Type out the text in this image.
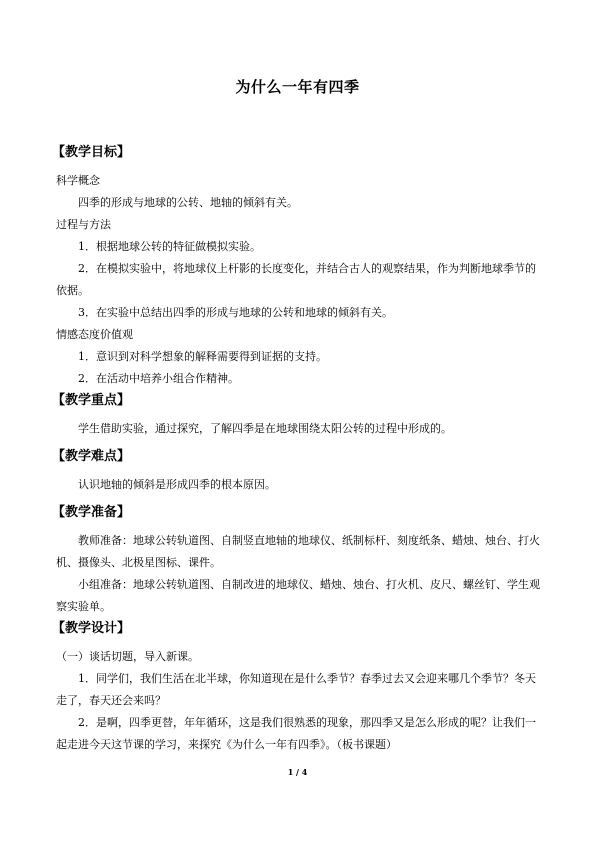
为什么一年有四季
【教学目标】
科学概念

四季的形成与地球的公转、地轴的倾斜有关。

过程与方法

1．根据地球公转的特征做模拟实验。

2．在模拟实验中，将地球仪上杆影的长度变化，并结合古人的观察结果，作为判断地球季节的依据。

3．在实验中总结出四季的形成与地球的公转和地球的倾斜有关。

情感态度价值观

1．意识到对科学想象的解释需要得到证据的支持。

2．在活动中培养小组合作精神。

【教学重点】

学生借助实验，通过探究，了解四季是在地球围绕太阳公转的过程中形成的。

【教学难点】

认识地轴的倾斜是形成四季的根本原因。

【教学准备】

教师准备：地球公转轨道图、自制竖直地轴的地球仪、纸制标杆、刻度纸条、蜡烛、烛台、打火机、摄像头、北极星图标、课件。

小组准备：地球公转轨道图、自制改进的地球仪、蜡烛、烛台、打火机、皮尺、螺丝钉、学生观察实验单。

【教学设计】

（一）谈话切题，导入新课。

1．同学们，我们生活在北半球，你知道现在是什么季节？春季过去又会迎来哪几个季节？冬天走了，春天还会来吗？

2．是啊，四季更替，年年循环，这是我们很熟悉的现象，那四季又是怎么形成的呢？让我们一起走进今天这节课的学习，来探究《为什么一年有四季》。（板书课题）

1 / 4
